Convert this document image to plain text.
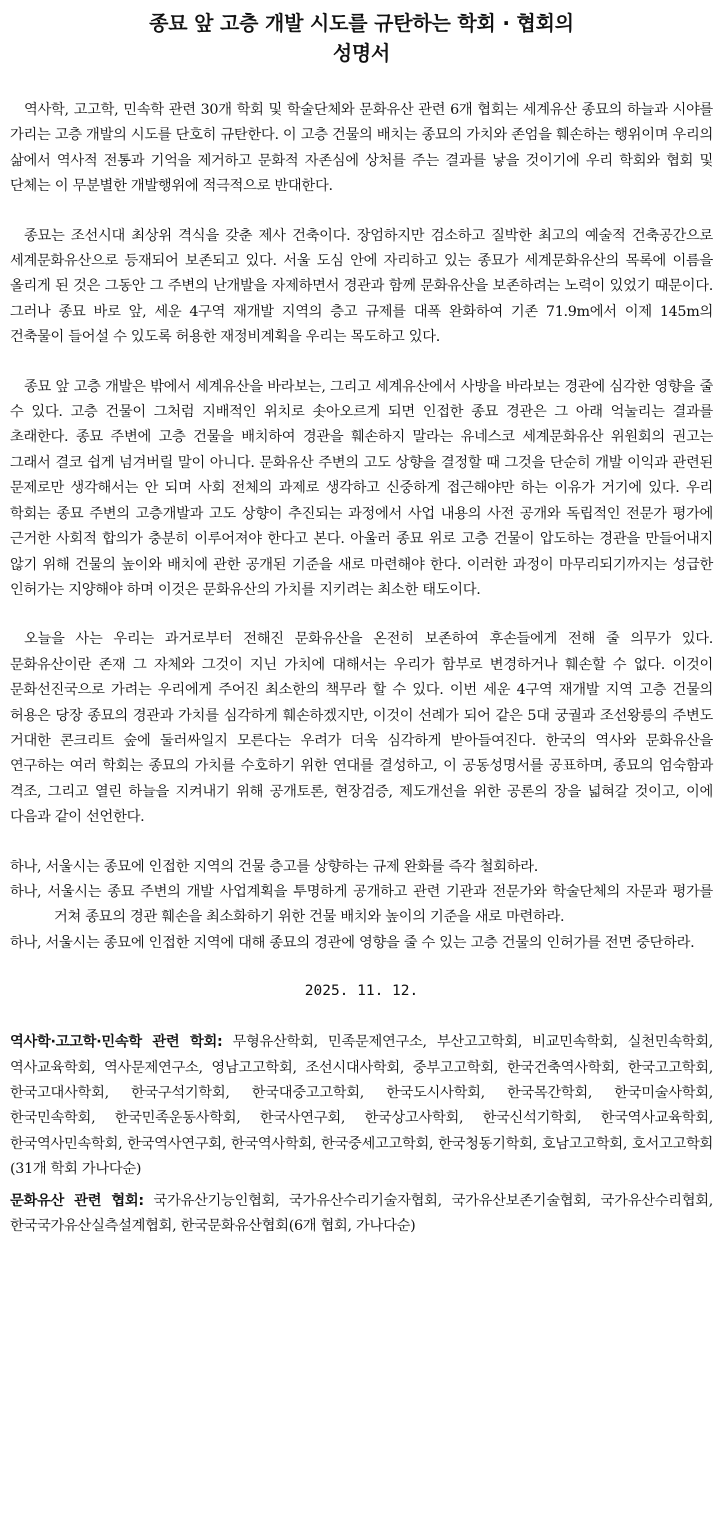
종묘 앞 고층 개발 시도를 규탄하는 학회 · 협회의
성명서

역사학, 고고학, 민속학 관련 30개 학회 및 학술단체와 문화유산 관련 6개 협회는 세계유산 종묘의 하늘과 시야를 가리는 고층 개발의 시도를 단호히 규탄한다. 이 고층 건물의 배치는 종묘의 가치와 존엄을 훼손하는 행위이며 우리의 삶에서 역사적 전통과 기억을 제거하고 문화적 자존심에 상처를 주는 결과를 낳을 것이기에 우리 학회와 협회 및 단체는 이 무분별한 개발행위에 적극적으로 반대한다.

종묘는 조선시대 최상위 격식을 갖춘 제사 건축이다. 장엄하지만 검소하고 질박한 최고의 예술적 건축공간으로 세계문화유산으로 등재되어 보존되고 있다. 서울 도심 안에 자리하고 있는 종묘가 세계문화유산의 목록에 이름을 올리게 된 것은 그동안 그 주변의 난개발을 자제하면서 경관과 함께 문화유산을 보존하려는 노력이 있었기 때문이다. 그러나 종묘 바로 앞, 세운 4구역 재개발 지역의 층고 규제를 대폭 완화하여 기존 71.9m에서 이제 145m의 건축물이 들어설 수 있도록 허용한 재정비계획을 우리는 목도하고 있다.

종묘 앞 고층 개발은 밖에서 세계유산을 바라보는, 그리고 세계유산에서 사방을 바라보는 경관에 심각한 영향을 줄 수 있다. 고층 건물이 그처럼 지배적인 위치로 솟아오르게 되면 인접한 종묘 경관은 그 아래 억눌리는 결과를 초래한다. 종묘 주변에 고층 건물을 배치하여 경관을 훼손하지 말라는 유네스코 세계문화유산 위원회의 권고는 그래서 결코 쉽게 넘겨버릴 말이 아니다. 문화유산 주변의 고도 상향을 결정할 때 그것을 단순히 개발 이익과 관련된 문제로만 생각해서는 안 되며 사회 전체의 과제로 생각하고 신중하게 접근해야만 하는 이유가 거기에 있다. 우리 학회는 종묘 주변의 고층개발과 고도 상향이 추진되는 과정에서 사업 내용의 사전 공개와 독립적인 전문가 평가에 근거한 사회적 합의가 충분히 이루어져야 한다고 본다. 아울러 종묘 위로 고층 건물이 압도하는 경관을 만들어내지 않기 위해 건물의 높이와 배치에 관한 공개된 기준을 새로 마련해야 한다. 이러한 과정이 마무리되기까지는 성급한 인허가는 지양해야 하며 이것은 문화유산의 가치를 지키려는 최소한 태도이다.

오늘을 사는 우리는 과거로부터 전해진 문화유산을 온전히 보존하여 후손들에게 전해 줄 의무가 있다. 문화유산이란 존재 그 자체와 그것이 지닌 가치에 대해서는 우리가 함부로 변경하거나 훼손할 수 없다. 이것이 문화선진국으로 가려는 우리에게 주어진 최소한의 책무라 할 수 있다. 이번 세운 4구역 재개발 지역 고층 건물의 허용은 당장 종묘의 경관과 가치를 심각하게 훼손하겠지만, 이것이 선례가 되어 같은 5대 궁궐과 조선왕릉의 주변도 거대한 콘크리트 숲에 둘러싸일지 모른다는 우려가 더욱 심각하게 받아들여진다. 한국의 역사와 문화유산을 연구하는 여러 학회는 종묘의 가치를 수호하기 위한 연대를 결성하고, 이 공동성명서를 공표하며, 종묘의 엄숙함과 격조, 그리고 열린 하늘을 지켜내기 위해 공개토론, 현장검증, 제도개선을 위한 공론의 장을 넓혀갈 것이고, 이에 다음과 같이 선언한다.

하나, 서울시는 종묘에 인접한 지역의 건물 층고를 상향하는 규제 완화를 즉각 철회하라.
하나, 서울시는 종묘 주변의 개발 사업계획을 투명하게 공개하고 관련 기관과 전문가와 학술단체의 자문과 평가를 거쳐 종묘의 경관 훼손을 최소화하기 위한 건물 배치와 높이의 기준을 새로 마련하라.
하나, 서울시는 종묘에 인접한 지역에 대해 종묘의 경관에 영향을 줄 수 있는 고층 건물의 인허가를 전면 중단하라.
2025. 11. 12.

역사학·고고학·민속학 관련 학회: 무형유산학회, 민족문제연구소, 부산고고학회, 비교민속학회, 실천민속학회, 역사교육학회, 역사문제연구소, 영남고고학회, 조선시대사학회, 중부고고학회, 한국건축역사학회, 한국고고학회, 한국고대사학회, 한국구석기학회, 한국대중고고학회, 한국도시사학회, 한국목간학회, 한국미술사학회, 한국민속학회, 한국민족운동사학회, 한국사연구회, 한국상고사학회, 한국신석기학회, 한국역사교육학회, 한국역사민속학회, 한국역사연구회, 한국역사학회, 한국중세고고학회, 한국청동기학회, 호남고고학회, 호서고고학회(31개 학회 가나다순)

문화유산 관련 협회: 국가유산기능인협회, 국가유산수리기술자협회, 국가유산보존기술협회, 국가유산수리협회, 한국국가유산실측설계협회, 한국문화유산협회(6개 협회, 가나다순)
